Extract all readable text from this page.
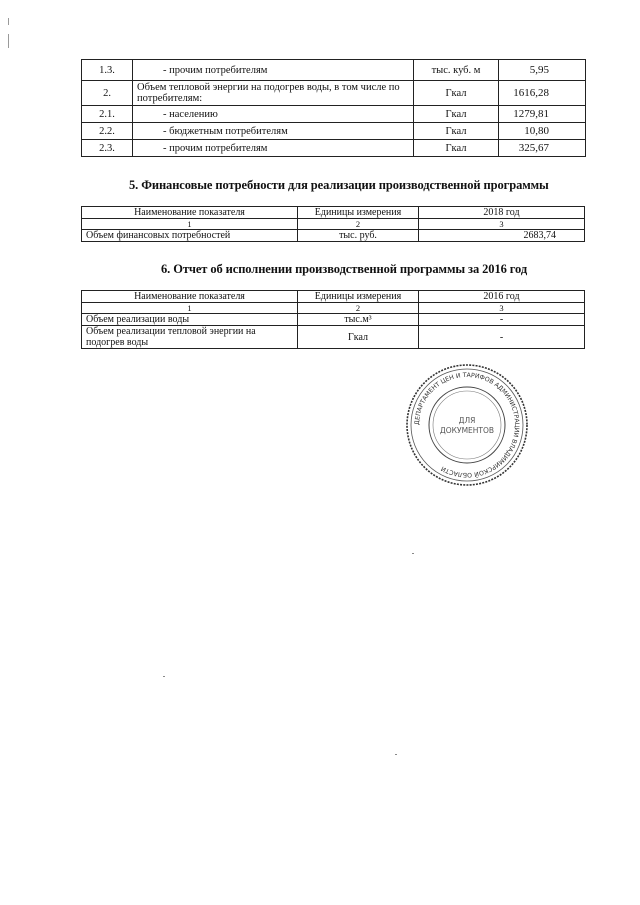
1.3.	- прочим потребителям	тыс. куб. м	5,95
2.	Объем тепловой энергии на подогрев воды, в том числе по потребителям:	Гкал	1616,28
2.1.	- населению	Гкал	1279,81
2.2.	- бюджетным потребителям	Гкал	10,80
2.3.	- прочим потребителям	Гкал	325,67
5. Финансовые потребности для реализации производственной программы
Наименование показателя	Единицы измерения	2018 год
1	2	3
Объем финансовых потребностей	тыс. руб.	2683,74
6. Отчет об исполнении производственной программы за 2016 год
Наименование показателя	Единицы измерения	2016 год
1	2	3
Объем реализации воды	тыс.м³	-
Объем реализации тепловой энергии на подогрев воды	Гкал	-
ДЕПАРТАМЕНТ ЦЕН И ТАРИФОВ АДМИНИСТРАЦИИ ВЛАДИМИРСКОЙ ОБЛАСТИ
ДЛЯ
ДОКУМЕНТОВ
